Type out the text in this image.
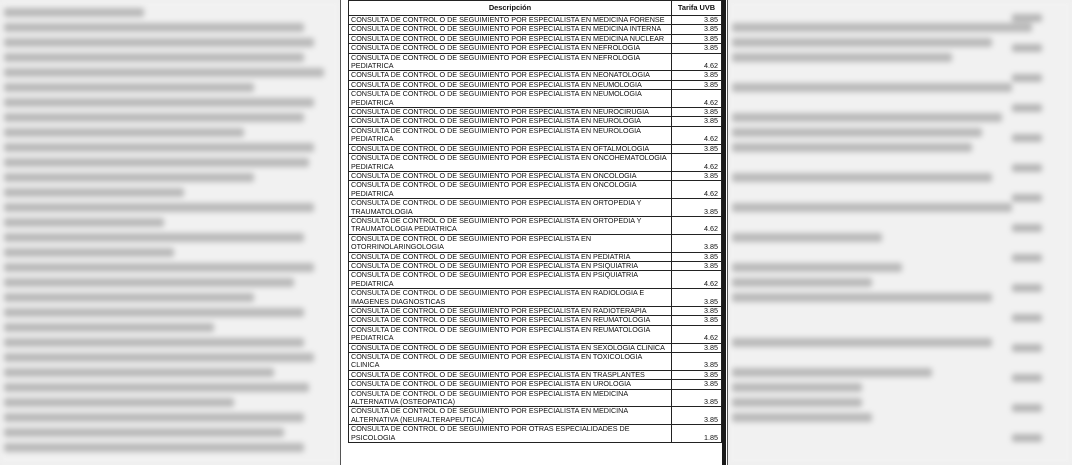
Descripción	Tarifa UVB
CONSULTA DE CONTROL O DE SEGUIMIENTO POR ESPECIALISTA EN MEDICINA FORENSE	3.85
CONSULTA DE CONTROL O DE SEGUIMIENTO POR ESPECIALISTA EN MEDICINA INTERNA	3.85
CONSULTA DE CONTROL O DE SEGUIMIENTO POR ESPECIALISTA EN MEDICINA NUCLEAR	3.85
CONSULTA DE CONTROL O DE SEGUIMIENTO POR ESPECIALISTA EN NEFROLOGIA	3.85
CONSULTA DE CONTROL O DE SEGUIMIENTO POR ESPECIALISTA EN NEFROLOGIA PEDIATRICA	4.62
CONSULTA DE CONTROL O DE SEGUIMIENTO POR ESPECIALISTA EN NEONATOLOGIA	3.85
CONSULTA DE CONTROL O DE SEGUIMIENTO POR ESPECIALISTA EN NEUMOLOGIA	3.85
CONSULTA DE CONTROL O DE SEGUIMIENTO POR ESPECIALISTA EN NEUMOLOGIA PEDIATRICA	4.62
CONSULTA DE CONTROL O DE SEGUIMIENTO POR ESPECIALISTA EN NEUROCIRUGIA	3.85
CONSULTA DE CONTROL O DE SEGUIMIENTO POR ESPECIALISTA EN NEUROLOGIA	3.85
CONSULTA DE CONTROL O DE SEGUIMIENTO POR ESPECIALISTA EN NEUROLOGIA PEDIATRICA	4.62
CONSULTA DE CONTROL O DE SEGUIMIENTO POR ESPECIALISTA EN OFTALMOLOGIA	3.85
CONSULTA DE CONTROL O DE SEGUIMIENTO POR ESPECIALISTA EN ONCOHEMATOLOGIA PEDIATRICA	4.62
CONSULTA DE CONTROL O DE SEGUIMIENTO POR ESPECIALISTA EN ONCOLOGIA	3.85
CONSULTA DE CONTROL O DE SEGUIMIENTO POR ESPECIALISTA EN ONCOLOGIA PEDIATRICA	4.62
CONSULTA DE CONTROL O DE SEGUIMIENTO POR ESPECIALISTA EN ORTOPEDIA Y TRAUMATOLOGIA	3.85
CONSULTA DE CONTROL O DE SEGUIMIENTO POR ESPECIALISTA EN ORTOPEDIA Y TRAUMATOLOGIA PEDIATRICA	4.62
CONSULTA DE CONTROL O DE SEGUIMIENTO POR ESPECIALISTA EN OTORRINOLARINGOLOGIA	3.85
CONSULTA DE CONTROL O DE SEGUIMIENTO POR ESPECIALISTA EN PEDIATRIA	3.85
CONSULTA DE CONTROL O DE SEGUIMIENTO POR ESPECIALISTA EN PSIQUIATRIA	3.85
CONSULTA DE CONTROL O DE SEGUIMIENTO POR ESPECIALISTA EN PSIQUIATRIA PEDIATRICA	4.62
CONSULTA DE CONTROL O DE SEGUIMIENTO POR ESPECIALISTA EN RADIOLOGIA E IMAGENES DIAGNOSTICAS	3.85
CONSULTA DE CONTROL O DE SEGUIMIENTO POR ESPECIALISTA EN RADIOTERAPIA	3.85
CONSULTA DE CONTROL O DE SEGUIMIENTO POR ESPECIALISTA EN REUMATOLOGIA	3.85
CONSULTA DE CONTROL O DE SEGUIMIENTO POR ESPECIALISTA EN REUMATOLOGIA PEDIATRICA	4.62
CONSULTA DE CONTROL O DE SEGUIMIENTO POR ESPECIALISTA EN SEXOLOGIA CLINICA	3.85
CONSULTA DE CONTROL O DE SEGUIMIENTO POR ESPECIALISTA EN TOXICOLOGIA CLINICA	3.85
CONSULTA DE CONTROL O DE SEGUIMIENTO POR ESPECIALISTA EN TRASPLANTES	3.85
CONSULTA DE CONTROL O DE SEGUIMIENTO POR ESPECIALISTA EN UROLOGIA	3.85
CONSULTA DE CONTROL O DE SEGUIMIENTO POR ESPECIALISTA EN MEDICINA ALTERNATIVA (OSTEOPATICA)	3.85
CONSULTA DE CONTROL O DE SEGUIMIENTO POR ESPECIALISTA EN MEDICINA ALTERNATIVA (NEURALTERAPEUTICA)	3.85
CONSULTA DE CONTROL O DE SEGUIMIENTO POR OTRAS ESPECIALIDADES DE PSICOLOGIA	1.85
